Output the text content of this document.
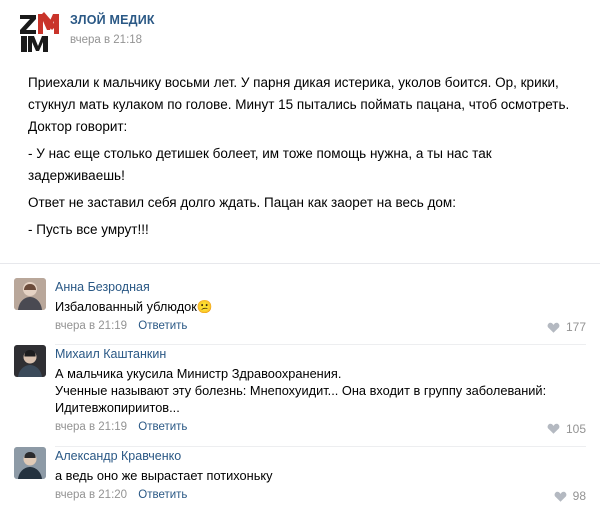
ЗЛОЙ МЕДИК
вчера в 21:18

Приехали к мальчику восьми лет. У парня дикая истерика, уколов боится. Ор, крики, стукнул мать кулаком по голове. Минут 15 пытались поймать пацана, чтоб осмотреть. Доктор говорит:

- У нас еще столько детишек болеет, им тоже помощь нужна, а ты нас так задерживаешь!

Ответ не заставил себя долго ждать. Пацан как заорет на весь дом:

- Пусть все умрут!!!

Анна Безродная
Избалованный ублюдок😕
вчера в 21:19 Ответить	177
Михаил Каштанкин
А мальчика укусила Министр Здравоохранения.
Ученные называют эту болезнь: Мнепохуидит... Она входит в группу заболеваний:
Идитевжопириитов...
вчера в 21:19 Ответить	105
Александр Кравченко
а ведь оно же вырастает потихоньку
вчера в 21:20 Ответить	98
